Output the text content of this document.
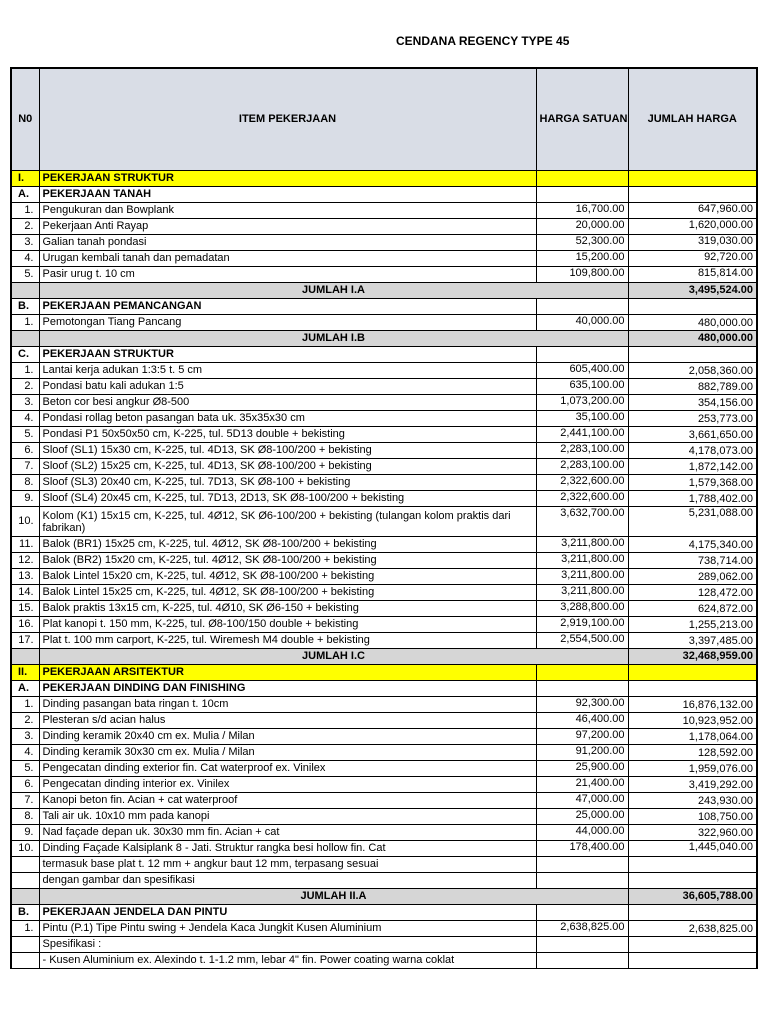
CENDANA REGENCY TYPE 45
N0	ITEM PEKERJAAN	HARGA SATUAN	JUMLAH HARGA
I.	PEKERJAAN STRUKTUR		
A.	PEKERJAAN TANAH		
1.	Pengukuran dan Bowplank	16,700.00	647,960.00
2.	Pekerjaan Anti Rayap	20,000.00	1,620,000.00
3.	Galian tanah pondasi	52,300.00	319,030.00
4.	Urugan kembali tanah dan pemadatan	15,200.00	92,720.00
5.	Pasir urug t. 10 cm	109,800.00	815,814.00
	JUMLAH I.A		3,495,524.00
B.	PEKERJAAN PEMANCANGAN		
1.	Pemotongan Tiang Pancang	40,000.00	480,000.00
	JUMLAH I.B		480,000.00
C.	PEKERJAAN STRUKTUR		
1.	Lantai kerja adukan 1:3:5 t. 5 cm	605,400.00	2,058,360.00
2.	Pondasi batu kali adukan 1:5	635,100.00	882,789.00
3.	Beton cor besi angkur Ø8-500	1,073,200.00	354,156.00
4.	Pondasi rollag beton pasangan bata uk. 35x35x30 cm	35,100.00	253,773.00
5.	Pondasi P1 50x50x50 cm, K-225, tul. 5D13 double + bekisting	2,441,100.00	3,661,650.00
6.	Sloof (SL1) 15x30 cm, K-225, tul. 4D13, SK Ø8-100/200 + bekisting	2,283,100.00	4,178,073.00
7.	Sloof (SL2) 15x25 cm, K-225, tul. 4D13, SK Ø8-100/200 + bekisting	2,283,100.00	1,872,142.00
8.	Sloof (SL3) 20x40 cm, K-225, tul. 7D13, SK Ø8-100 + bekisting	2,322,600.00	1,579,368.00
9.	Sloof (SL4) 20x45 cm, K-225, tul. 7D13, 2D13, SK Ø8-100/200 + bekisting	2,322,600.00	1,788,402.00
10.	Kolom (K1) 15x15 cm, K-225, tul. 4Ø12, SK Ø6-100/200 + bekisting (tulangan kolom praktis dari fabrikan)	3,632,700.00	5,231,088.00
11.	Balok (BR1) 15x25 cm, K-225, tul. 4Ø12, SK Ø8-100/200 + bekisting	3,211,800.00	4,175,340.00
12.	Balok (BR2) 15x20 cm, K-225, tul. 4Ø12, SK Ø8-100/200 + bekisting	3,211,800.00	738,714.00
13.	Balok Lintel 15x20 cm, K-225, tul. 4Ø12, SK Ø8-100/200 + bekisting	3,211,800.00	289,062.00
14.	Balok Lintel 15x25 cm, K-225, tul. 4Ø12, SK Ø8-100/200 + bekisting	3,211,800.00	128,472.00
15.	Balok praktis 13x15 cm, K-225, tul. 4Ø10, SK Ø6-150 + bekisting	3,288,800.00	624,872.00
16.	Plat kanopi t. 150 mm, K-225, tul. Ø8-100/150 double + bekisting	2,919,100.00	1,255,213.00
17.	Plat t. 100 mm carport, K-225, tul. Wiremesh M4 double + bekisting	2,554,500.00	3,397,485.00
	JUMLAH I.C		32,468,959.00
II.	PEKERJAAN ARSITEKTUR		
A.	PEKERJAAN DINDING DAN FINISHING		
1.	Dinding pasangan bata ringan t. 10cm	92,300.00	16,876,132.00
2.	Plesteran s/d acian halus	46,400.00	10,923,952.00
3.	Dinding keramik 20x40 cm ex. Mulia / Milan	97,200.00	1,178,064.00
4.	Dinding keramik 30x30 cm ex. Mulia / Milan	91,200.00	128,592.00
5.	Pengecatan dinding exterior fin. Cat waterproof ex. Vinilex	25,900.00	1,959,076.00
6.	Pengecatan dinding interior ex. Vinilex	21,400.00	3,419,292.00
7.	Kanopi beton fin. Acian + cat waterproof	47,000.00	243,930.00
8.	Tali air uk. 10x10 mm pada kanopi	25,000.00	108,750.00
9.	Nad façade depan uk. 30x30 mm fin. Acian + cat	44,000.00	322,960.00
10.	Dinding Façade Kalsiplank 8 - Jati. Struktur rangka besi hollow fin. Cat	178,400.00	1,445,040.00
	termasuk base plat t. 12 mm + angkur baut 12 mm, terpasang sesuai		
	dengan gambar dan spesifikasi		
	JUMLAH II.A		36,605,788.00
B.	PEKERJAAN JENDELA DAN PINTU		
1.	Pintu (P.1) Tipe Pintu swing + Jendela Kaca Jungkit Kusen Aluminium	2,638,825.00	2,638,825.00
	Spesifikasi :		
	- Kusen Aluminium ex. Alexindo t. 1-1.2 mm, lebar 4" fin. Power coating warna coklat		
